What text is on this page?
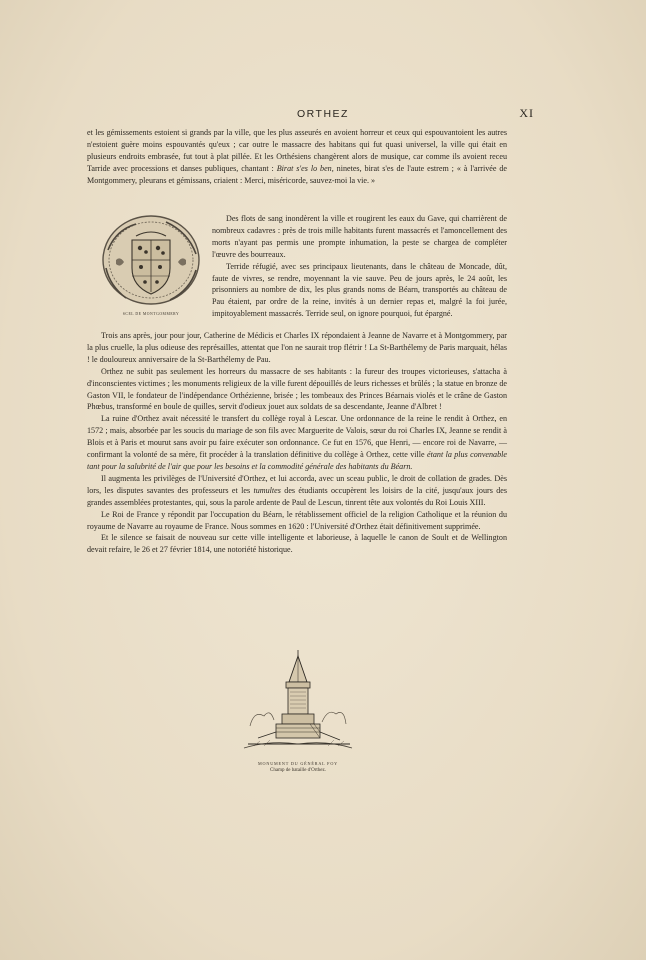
ORTHEZ	XI

et les gémissements estoient si grands par la ville, que les plus asseurés en avoient horreur et ceux qui espouvantoient les autres n'estoient guère moins espouvantés qu'eux ; car outre le massacre des habitans qui fut quasi universel, la ville qui était en plusieurs endroits embrasée, fut tout à plat pillée. Et les Orthésiens changèrent alors de musique, car comme ils avoient receu Tarride avec processions et danses publiques, chantant : Birat s'es lo ben, ninetes, birat s'es de l'aute estrem ; « à l'arrivée de Montgommery, pleurans et gémissans, criaient : Merci, miséricorde, sauvez-moi la vie. »

SCEL DE MONTGOMMERY

Des flots de sang inondèrent la ville et rougirent les eaux du Gave, qui charrièrent de nombreux cadavres : près de trois mille habitants furent massacrés et l'amoncellement des morts n'ayant pas permis une prompte inhumation, la peste se chargea de compléter l'œuvre des bourreaux.

Terride réfugié, avec ses principaux lieutenants, dans le château de Moncade, dût, faute de vivres, se rendre, moyennant la vie sauve. Peu de jours après, le 24 août, les prisonniers au nombre de dix, les plus grands noms de Béarn, transportés au château de Pau étaient, par ordre de la reine, invités à un dernier repas et, malgré la foi jurée, impitoyablement massacrés. Terride seul, on ignore pourquoi, fut épargné.

Trois ans après, jour pour jour, Catherine de Médicis et Charles IX répondaient à Jeanne de Navarre et à Montgommery, par la plus cruelle, la plus odieuse des représailles, attentat que l'on ne saurait trop flétrir ! La St-Barthélemy de Paris marquait, hélas ! le douloureux anniversaire de la St-Barthélemy de Pau.

Orthez ne subit pas seulement les horreurs du massacre de ses habitants : la fureur des troupes victorieuses, s'attacha à d'inconscientes victimes ; les monuments religieux de la ville furent dépouillés de leurs richesses et brûlés ; la statue en bronze de Gaston VII, le fondateur de l'indépendance Orthézienne, brisée ; les tombeaux des Princes Béarnais violés et le crâne de Gaston Phœbus, transformé en boule de quilles, servit d'odieux jouet aux soldats de sa descendante, Jeanne d'Albret !

La ruine d'Orthez avait nécessité le transfert du collège royal à Lescar. Une ordonnance de la reine le rendit à Orthez, en 1572 ; mais, absorbée par les soucis du mariage de son fils avec Marguerite de Valois, sœur du roi Charles IX, Jeanne se rendit à Blois et à Paris et mourut sans avoir pu faire exécuter son ordonnance. Ce fut en 1576, que Henri, — encore roi de Navarre, — confirmant la volonté de sa mère, fit procéder à la translation définitive du collège à Orthez, cette ville étant la plus convenable tant pour la salubrité de l'air que pour les besoins et la commodité générale des habitants du Béarn.

Il augmenta les privilèges de l'Université d'Orthez, et lui accorda, avec un sceau public, le droit de collation de grades. Dès lors, les disputes savantes des professeurs et les tumultes des étudiants occupèrent les loisirs de la cité, jusqu'aux jours des grandes assemblées protestantes, qui, sous la parole ardente de Paul de Lescun, tinrent tête aux volontés du Roi Louis XIII.

Le Roi de France y répondit par l'occupation du Béarn, le rétablissement officiel de la religion Catholique et la réunion du royaume de Navarre au royaume de France. Nous sommes en 1620 : l'Université d'Orthez était définitivement supprimée.

Et le silence se faisait de nouveau sur cette ville intelligente et laborieuse, à laquelle le canon de Soult et de Wellington devait refaire, le 26 et 27 février 1814, une notoriété historique.

MONUMENT DU GÉNÉRAL FOY
Champ de bataille d'Orthez.
